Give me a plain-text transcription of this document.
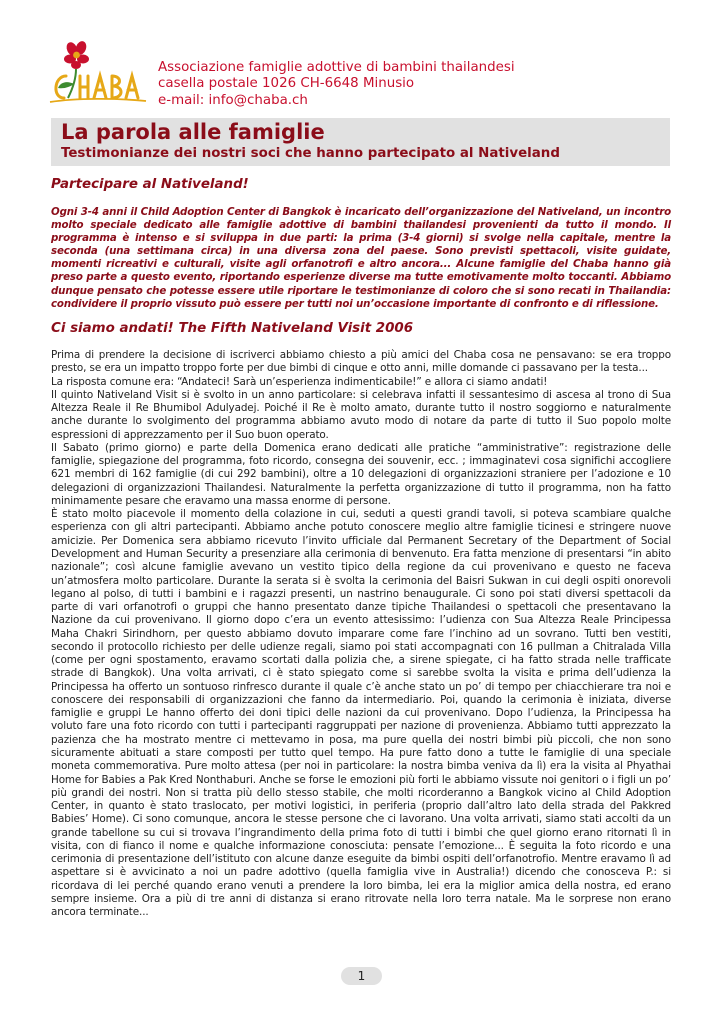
Associazione famiglie adottive di bambini thailandesi
casella postale 1026 CH-6648 Minusio
e-mail: info@chaba.ch
La parola alle famiglie
Testimonianze dei nostri soci che hanno partecipato al Nativeland
Partecipare al Nativeland!
Ogni 3-4 anni il Child Adoption Center di Bangkok è incaricato dell’organizzazione del Nativeland, un incontro molto speciale dedicato alle famiglie adottive di bambini thailandesi provenienti da tutto il mondo. Il programma è intenso e si sviluppa in due parti: la prima (3-4 giorni) si svolge nella capitale, mentre la seconda (una settimana circa) in una diversa zona del paese. Sono previsti spettacoli, visite guidate, momenti ricreativi e culturali, visite agli orfanotrofi e altro ancora... Alcune famiglie del Chaba hanno già preso parte a questo evento, riportando esperienze diverse ma tutte emotivamente molto toccanti. Abbiamo dunque pensato che potesse essere utile riportare le testimonianze di coloro che si sono recati in Thailandia: condividere il proprio vissuto può essere per tutti noi un’occasione importante di confronto e di riflessione.
Ci siamo andati! The Fifth Nativeland Visit 2006

Prima di prendere la decisione di iscriverci abbiamo chiesto a più amici del Chaba cosa ne pensavano: se era troppo presto, se era un impatto troppo forte per due bimbi di cinque e otto anni, mille domande ci passavano per la testa...

La risposta comune era: “Andateci! Sarà un’esperienza indimenticabile!” e allora ci siamo andati!

Il quinto Nativeland Visit si è svolto in un anno particolare: si celebrava infatti il sessantesimo di ascesa al trono di Sua Altezza Reale il Re Bhumibol Adulyadej. Poiché il Re è molto amato, durante tutto il nostro soggiorno e naturalmente anche durante lo svolgimento del programma abbiamo avuto modo di notare da parte di tutto il Suo popolo molte espressioni di apprezzamento per il Suo buon operato.

Il Sabato (primo giorno) e parte della Domenica erano dedicati alle pratiche “amministrative”: registrazione delle famiglie, spiegazione del programma, foto ricordo, consegna dei souvenir, ecc. ; immaginatevi cosa significhi accogliere 621 membri di 162 famiglie (di cui 292 bambini), oltre a 10 delegazioni di organizzazioni straniere per l’adozione e 10 delegazioni di organizzazioni Thailandesi. Naturalmente la perfetta organizzazione di tutto il programma, non ha fatto minimamente pesare che eravamo una massa enorme di persone.

È stato molto piacevole il momento della colazione in cui, seduti a questi grandi tavoli, si poteva scambiare qualche esperienza con gli altri partecipanti. Abbiamo anche potuto conoscere meglio altre famiglie ticinesi e stringere nuove amicizie. Per Domenica sera abbiamo ricevuto l’invito ufficiale dal Permanent Secretary of the Department of Social Development and Human Security a presenziare alla cerimonia di benvenuto. Era fatta menzione di presentarsi “in abito nazionale”; così alcune famiglie avevano un vestito tipico della regione da cui provenivano e questo ne faceva un’atmosfera molto particolare. Durante la serata si è svolta la cerimonia del Baisri Sukwan in cui degli ospiti onorevoli legano al polso, di tutti i bambini e i ragazzi presenti, un nastrino benaugurale. Ci sono poi stati diversi spettacoli da parte di vari orfanotrofi o gruppi che hanno presentato danze tipiche Thailandesi o spettacoli che presentavano la Nazione da cui provenivano. Il giorno dopo c’era un evento attesissimo: l’udienza con Sua Altezza Reale Principessa Maha Chakri Sirindhorn, per questo abbiamo dovuto imparare come fare l’inchino ad un sovrano. Tutti ben vestiti, secondo il protocollo richiesto per delle udienze regali, siamo poi stati accompagnati con 16 pullman a Chitralada Villa (come per ogni spostamento, eravamo scortati dalla polizia che, a sirene spiegate, ci ha fatto strada nelle trafficate strade di Bangkok). Una volta arrivati, ci è stato spiegato come si sarebbe svolta la visita e prima dell’udienza la Principessa ha offerto un sontuoso rinfresco durante il quale c’è anche stato un po’ di tempo per chiacchierare tra noi e conoscere dei responsabili di organizzazioni che fanno da intermediario. Poi, quando la cerimonia è iniziata, diverse famiglie e gruppi Le hanno offerto dei doni tipici delle nazioni da cui provenivano. Dopo l’udienza, la Principessa ha voluto fare una foto ricordo con tutti i partecipanti raggruppati per nazione di provenienza. Abbiamo tutti apprezzato la pazienza che ha mostrato mentre ci mettevamo in posa, ma pure quella dei nostri bimbi più piccoli, che non sono sicuramente abituati a stare composti per tutto quel tempo. Ha pure fatto dono a tutte le famiglie di una speciale moneta commemorativa. Pure molto attesa (per noi in particolare: la nostra bimba veniva da lì) era la visita al Phyathai Home for Babies a Pak Kred Nonthaburi. Anche se forse le emozioni più forti le abbiamo vissute noi genitori o i figli un po’ più grandi dei nostri. Non si tratta più dello stesso stabile, che molti ricorderanno a Bangkok vicino al Child Adoption Center, in quanto è stato traslocato, per motivi logistici, in periferia (proprio dall’altro lato della strada del Pakkred Babies’ Home). Ci sono comunque, ancora le stesse persone che ci lavorano. Una volta arrivati, siamo stati accolti da un grande tabellone su cui si trovava l’ingrandimento della prima foto di tutti i bimbi che quel giorno erano ritornati lì in visita, con di fianco il nome e qualche informazione conosciuta: pensate l’emozione... È seguita la foto ricordo e una cerimonia di presentazione dell’istituto con alcune danze eseguite da bimbi ospiti dell’orfanotrofio. Mentre eravamo lì ad aspettare si è avvicinato a noi un padre adottivo (quella famiglia vive in Australia!) dicendo che conosceva P.: si ricordava di lei perché quando erano venuti a prendere la loro bimba, lei era la miglior amica della nostra, ed erano sempre insieme. Ora a più di tre anni di distanza si erano ritrovate nella loro terra natale. Ma le sorprese non erano ancora terminate...

1
